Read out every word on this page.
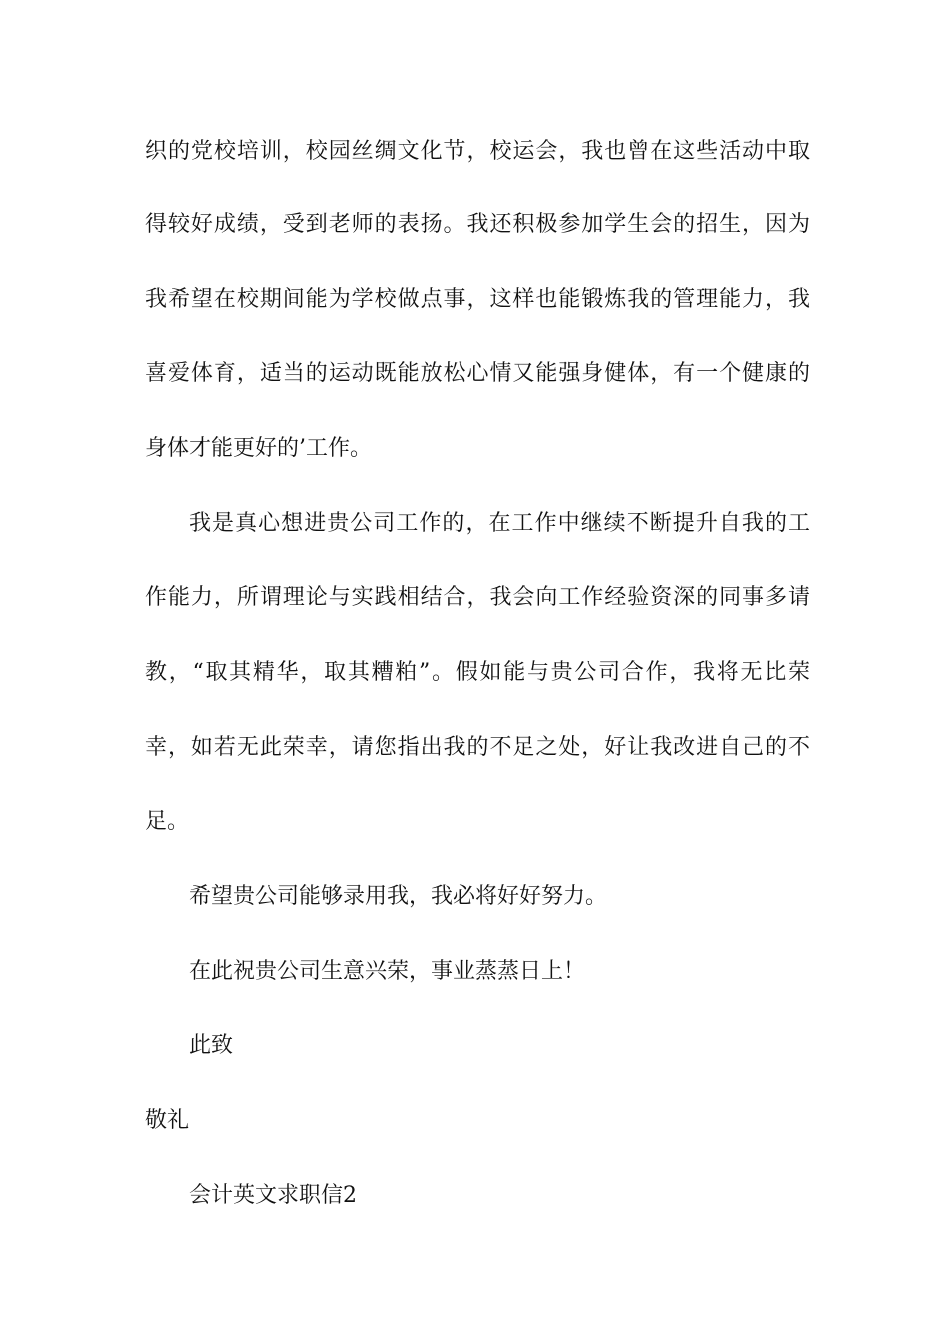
织的党校培训，校园丝绸文化节，校运会，我也曾在这些活动中取
得较好成绩，受到老师的表扬。我还积极参加学生会的招生，因为
我希望在校期间能为学校做点事，这样也能锻炼我的管理能力，我
喜爱体育，适当的运动既能放松心情又能强身健体，有一个健康的
身体才能更好的’工作。
我是真心想进贵公司工作的，在工作中继续不断提升自我的工
作能力，所谓理论与实践相结合，我会向工作经验资深的同事多请
教，“取其精华，取其糟粕”。假如能与贵公司合作，我将无比荣
幸，如若无此荣幸，请您指出我的不足之处，好让我改进自己的不
足。
希望贵公司能够录用我，我必将好好努力。
在此祝贵公司生意兴荣，事业蒸蒸日上！
此致
敬礼
会计英文求职信2
